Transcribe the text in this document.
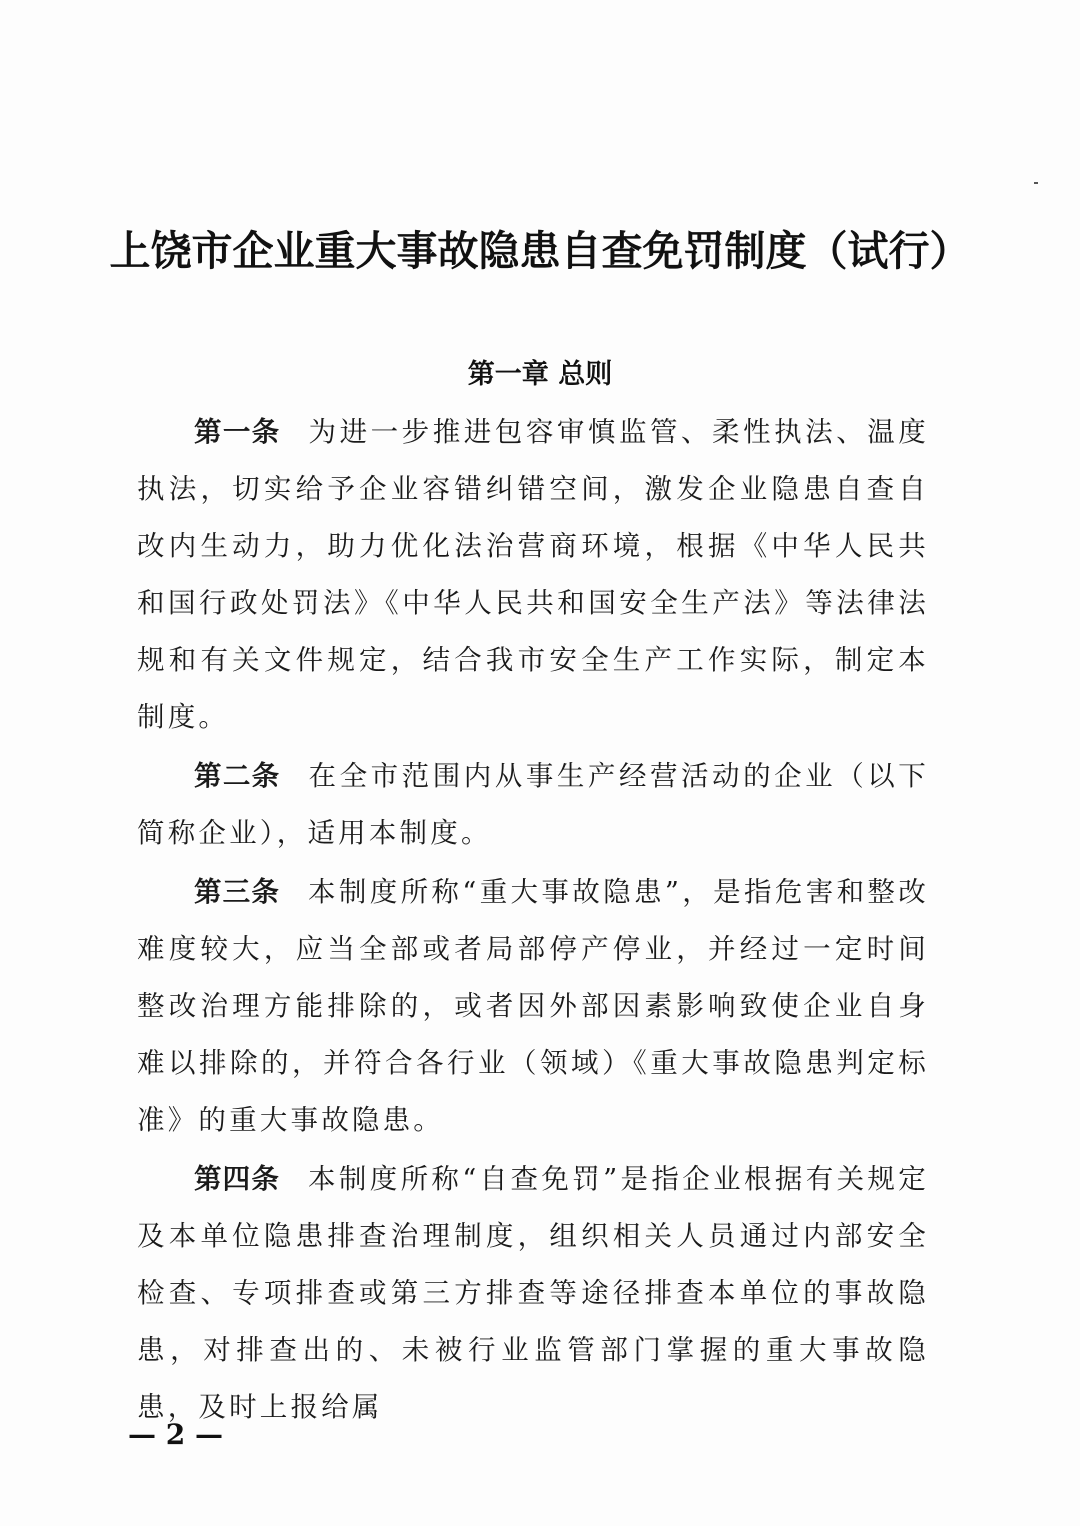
上饶市企业重大事故隐患自查免罚制度（试行）
第一章 总则

第一条 为进一步推进包容审慎监管、柔性执法、温度执法，切实给予企业容错纠错空间，激发企业隐患自查自改内生动力，助力优化法治营商环境，根据《中华人民共和国行政处罚法》《中华人民共和国安全生产法》等法律法规和有关文件规定，结合我市安全生产工作实际，制定本制度。

第二条 在全市范围内从事生产经营活动的企业（以下简称企业），适用本制度。

第三条 本制度所称“重大事故隐患”，是指危害和整改难度较大，应当全部或者局部停产停业，并经过一定时间整改治理方能排除的，或者因外部因素影响致使企业自身难以排除的，并符合各行业（领域）《重大事故隐患判定标准》的重大事故隐患。

第四条 本制度所称“自查免罚”是指企业根据有关规定及本单位隐患排查治理制度，组织相关人员通过内部安全检查、专项排查或第三方排查等途径排查本单位的事故隐患，对排查出的、未被行业监管部门掌握的重大事故隐患，及时上报给属

— 2 —
